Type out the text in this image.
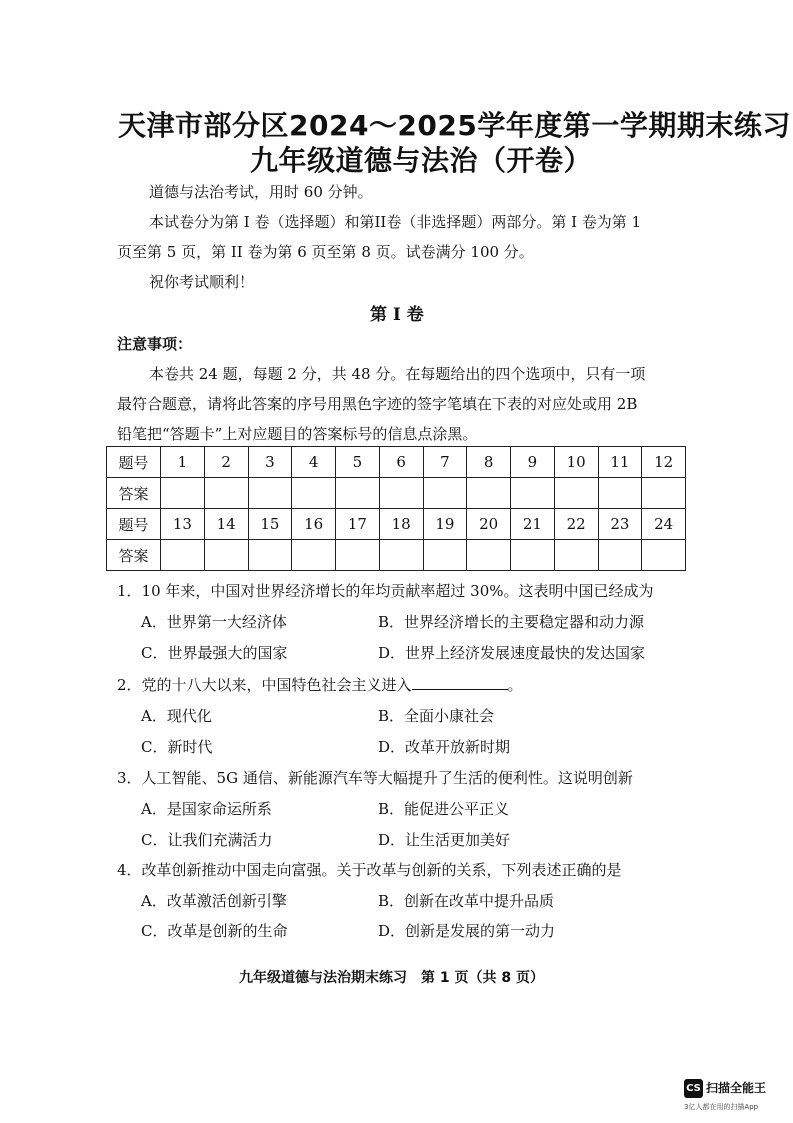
天津市部分区2024～2025学年度第一学期期末练习
九年级道德与法治（开卷）
道德与法治考试，用时 60 分钟。
本试卷分为第 I 卷（选择题）和第II卷（非选择题）两部分。第 I 卷为第 1
页至第 5 页，第 II 卷为第 6 页至第 8 页。试卷满分 100 分。
祝你考试顺利！
第 I 卷
注意事项：
本卷共 24 题，每题 2 分，共 48 分。在每题给出的四个选项中，只有一项
最符合题意，请将此答案的序号用黑色字迹的签字笔填在下表的对应处或用 2B
铅笔把“答题卡”上对应题目的答案标号的信息点涂黑。
题号	1	2	3	4	5	6	7	8	9	10	11	12
答案												
题号	13	14	15	16	17	18	19	20	21	22	23	24
答案												
1．10 年来，中国对世界经济增长的年均贡献率超过 30%。这表明中国已经成为
A．世界第一大经济体	B．世界经济增长的主要稳定器和动力源
C．世界最强大的国家	D．世界上经济发展速度最快的发达国家
2．党的十八大以来，中国特色社会主义进入	。
A．现代化	B．全面小康社会
C．新时代	D．改革开放新时期
3．人工智能、5G 通信、新能源汽车等大幅提升了生活的便利性。这说明创新
A．是国家命运所系	B．能促进公平正义
C．让我们充满活力	D．让生活更加美好
4．改革创新推动中国走向富强。关于改革与创新的关系，下列表述正确的是
A．改革激活创新引擎	B．创新在改革中提升品质
C．改革是创新的生命	D．创新是发展的第一动力
九年级道德与法治期末练习　第 1 页（共 8 页）
CS 扫描全能王
3亿人都在用的扫描App
